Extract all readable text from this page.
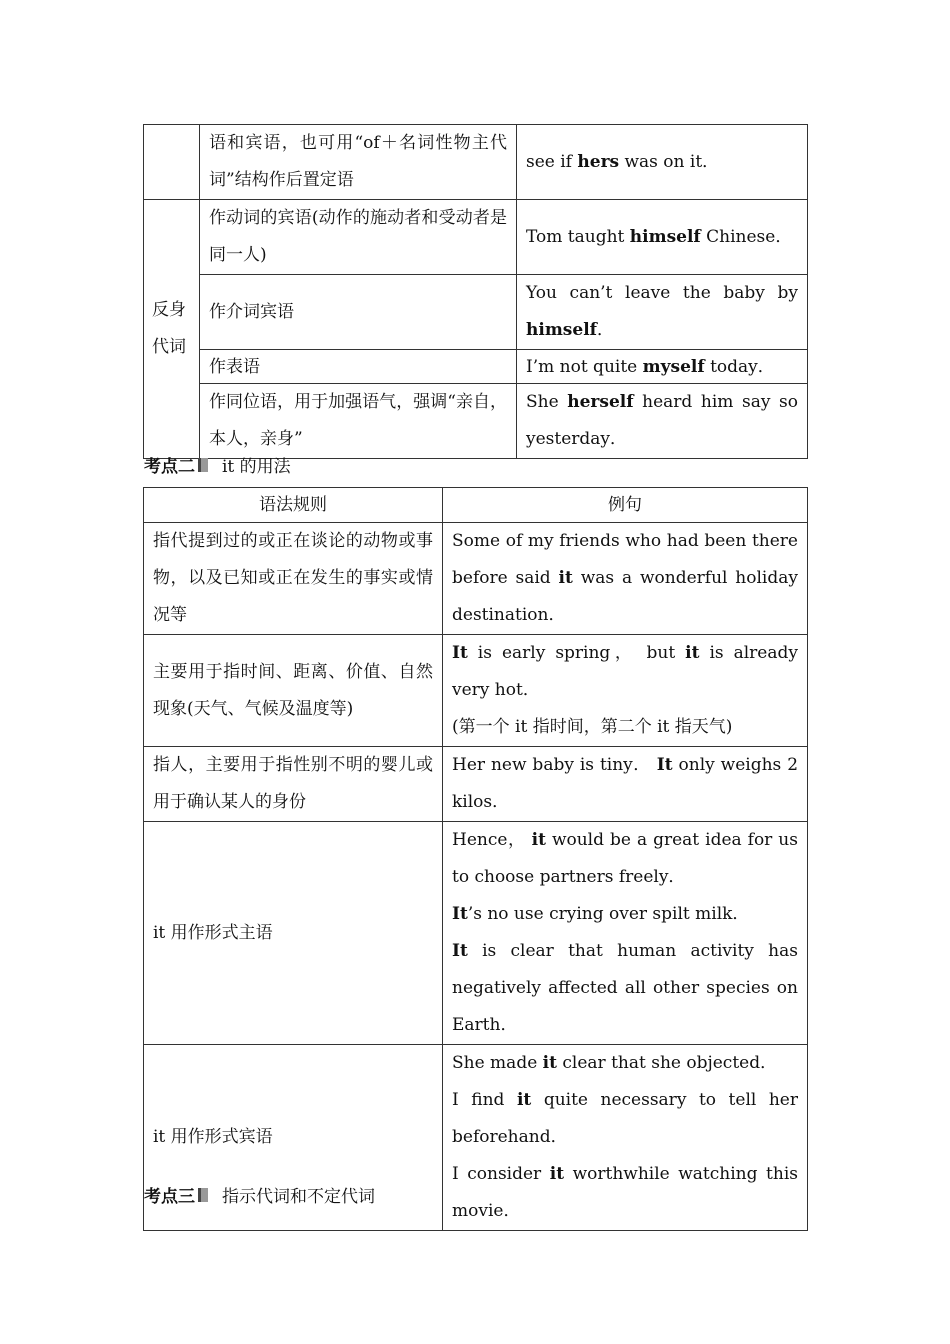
	语和宾语，也可用“of＋名词性物主代词”结构作后置定语	see if hers was on it．
反身代词	作动词的宾语(动作的施动者和受动者是同一人)	Tom taught himself Chinese．
	作介词宾语	You can’t leave the baby by himself．
	作表语	I’m not quite myself today．
	作同位语，用于加强语气，强调“亲自，本人，亲身”	She herself heard him say so yesterday．
考点二 it 的用法
语法规则	例句
指代提到过的或正在谈论的动物或事物，以及已知或正在发生的事实或情况等	Some of my friends who had been there before said it was a wonderful holiday destination．
主要用于指时间、距离、价值、自然现象(天气、气候及温度等)	It is early spring， but it is already very hot．
(第一个 it 指时间，第二个 it 指天气)
指人，主要用于指性别不明的婴儿或用于确认某人的身份	Her new baby is tiny． It only weighs 2 kilos．
it 用作形式主语	Hence， it would be a great idea for us to choose partners freely．
It’s no use crying over spilt milk．
It is clear that human activity has negatively affected all other species on Earth．
it 用作形式宾语	She made it clear that she objected．
I find it quite necessary to tell her beforehand．
I consider it worthwhile watching this movie．
考点三 指示代词和不定代词
